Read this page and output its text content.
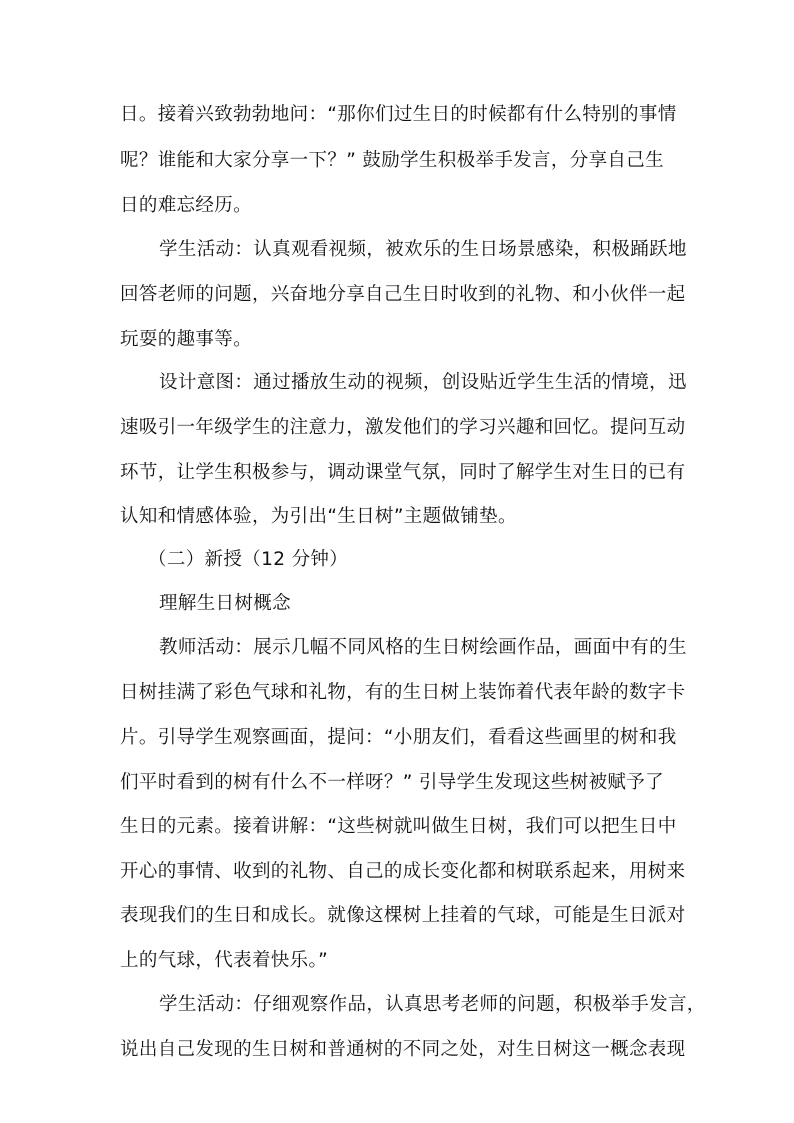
日。接着兴致勃勃地问：“那你们过生日的时候都有什么特别的事情
呢？谁能和大家分享一下？” 鼓励学生积极举手发言，分享自己生
日的难忘经历。
学生活动：认真观看视频，被欢乐的生日场景感染，积极踊跃地
回答老师的问题，兴奋地分享自己生日时收到的礼物、和小伙伴一起
玩耍的趣事等。
设计意图：通过播放生动的视频，创设贴近学生生活的情境，迅
速吸引一年级学生的注意力，激发他们的学习兴趣和回忆。提问互动
环节，让学生积极参与，调动课堂气氛，同时了解学生对生日的已有
认知和情感体验，为引出“生日树”主题做铺垫。
（二）新授（12 分钟）
理解生日树概念
教师活动：展示几幅不同风格的生日树绘画作品，画面中有的生
日树挂满了彩色气球和礼物，有的生日树上装饰着代表年龄的数字卡
片。引导学生观察画面，提问：“小朋友们，看看这些画里的树和我
们平时看到的树有什么不一样呀？” 引导学生发现这些树被赋予了
生日的元素。接着讲解：“这些树就叫做生日树，我们可以把生日中
开心的事情、收到的礼物、自己的成长变化都和树联系起来，用树来
表现我们的生日和成长。就像这棵树上挂着的气球，可能是生日派对
上的气球，代表着快乐。”
学生活动：仔细观察作品，认真思考老师的问题，积极举手发言，
说出自己发现的生日树和普通树的不同之处，对生日树这一概念表现
